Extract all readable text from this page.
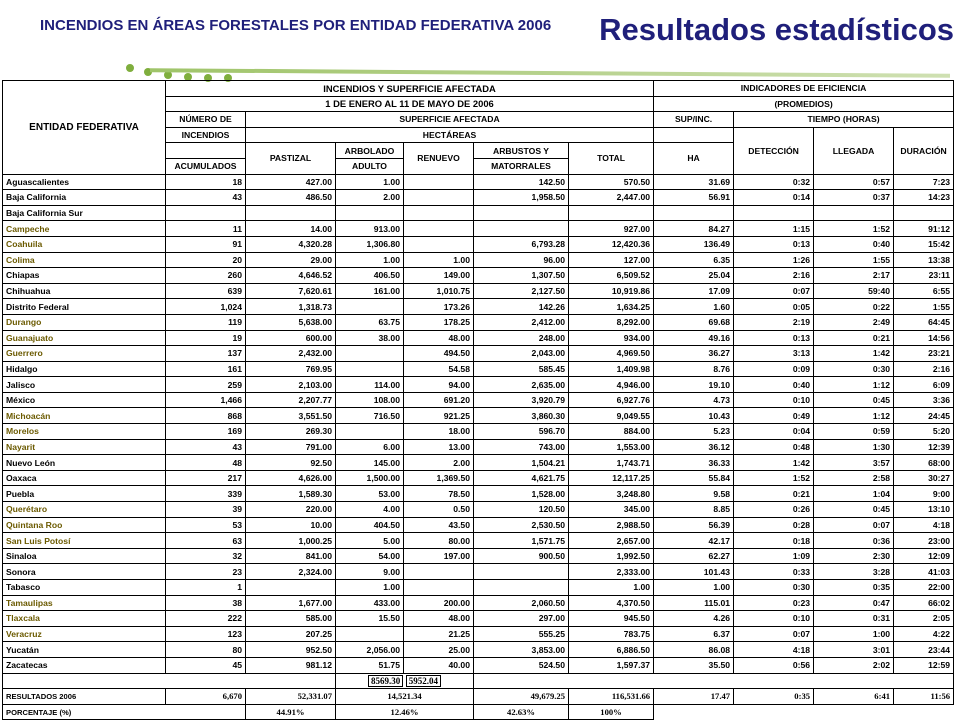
INCENDIOS EN ÁREAS FORESTALES POR ENTIDAD FEDERATIVA 2006 Resultados estadísticos
ENTIDAD FEDERATIVA	INCENDIOS Y SUPERFICIE AFECTADA						INDICADORES DE EFICIENCIA			
	1 DE ENERO AL 11 DE MAYO DE 2006						(PROMEDIOS)			
	NÚMERO DE	SUPERFICIE AFECTADA					SUP/INC.	TIEMPO (HORAS)		
	INCENDIOS	HECTÁREAS						DETECCIÓN	LLEGADA	DURACIÓN
		PASTIZAL	ARBOLADO	RENUEVO	ARBUSTOS Y	TOTAL	HA			
	ACUMULADOS		ADULTO		MATORRALES					
Aguascalientes	18	427.00	1.00		142.50	570.50	31.69	0:32	0:57	7:23
Baja California	43	486.50	2.00		1,958.50	2,447.00	56.91	0:14	0:37	14:23
Baja California Sur										
Campeche	11	14.00	913.00			927.00	84.27	1:15	1:52	91:12
Coahuila	91	4,320.28	1,306.80		6,793.28	12,420.36	136.49	0:13	0:40	15:42
Colima	20	29.00	1.00	1.00	96.00	127.00	6.35	1:26	1:55	13:38
Chiapas	260	4,646.52	406.50	149.00	1,307.50	6,509.52	25.04	2:16	2:17	23:11
Chihuahua	639	7,620.61	161.00	1,010.75	2,127.50	10,919.86	17.09	0:07	59:40	6:55
Distrito Federal	1,024	1,318.73		173.26	142.26	1,634.25	1.60	0:05	0:22	1:55
Durango	119	5,638.00	63.75	178.25	2,412.00	8,292.00	69.68	2:19	2:49	64:45
Guanajuato	19	600.00	38.00	48.00	248.00	934.00	49.16	0:13	0:21	14:56
Guerrero	137	2,432.00		494.50	2,043.00	4,969.50	36.27	3:13	1:42	23:21
Hidalgo	161	769.95		54.58	585.45	1,409.98	8.76	0:09	0:30	2:16
Jalisco	259	2,103.00	114.00	94.00	2,635.00	4,946.00	19.10	0:40	1:12	6:09
México	1,466	2,207.77	108.00	691.20	3,920.79	6,927.76	4.73	0:10	0:45	3:36
Michoacán	868	3,551.50	716.50	921.25	3,860.30	9,049.55	10.43	0:49	1:12	24:45
Morelos	169	269.30		18.00	596.70	884.00	5.23	0:04	0:59	5:20
Nayarit	43	791.00	6.00	13.00	743.00	1,553.00	36.12	0:48	1:30	12:39
Nuevo León	48	92.50	145.00	2.00	1,504.21	1,743.71	36.33	1:42	3:57	68:00
Oaxaca	217	4,626.00	1,500.00	1,369.50	4,621.75	12,117.25	55.84	1:52	2:58	30:27
Puebla	339	1,589.30	53.00	78.50	1,528.00	3,248.80	9.58	0:21	1:04	9:00
Querétaro	39	220.00	4.00	0.50	120.50	345.00	8.85	0:26	0:45	13:10
Quintana Roo	53	10.00	404.50	43.50	2,530.50	2,988.50	56.39	0:28	0:07	4:18
San Luis Potosí	63	1,000.25	5.00	80.00	1,571.75	2,657.00	42.17	0:18	0:36	23:00
Sinaloa	32	841.00	54.00	197.00	900.50	1,992.50	62.27	1:09	2:30	12:09
Sonora	23	2,324.00	9.00			2,333.00	101.43	0:33	3:28	41:03
Tabasco	1		1.00			1.00	1.00	0:30	0:35	22:00
Tamaulipas	38	1,677.00	433.00	200.00	2,060.50	4,370.50	115.01	0:23	0:47	66:02
Tlaxcala	222	585.00	15.50	48.00	297.00	945.50	4.26	0:10	0:31	2:05
Veracruz	123	207.25		21.25	555.25	783.75	6.37	0:07	1:00	4:22
Yucatán	80	952.50	2,056.00	25.00	3,853.00	6,886.50	86.08	4:18	3:01	23:44
Zacatecas	45	981.12	51.75	40.00	524.50	1,597.37	35.50	0:56	2:02	12:59
			8569.30 5952.04							
RESULTADOS 2006	6,670	52,331.07	14,521.34		49,679.25	116,531.66	17.47	0:35	6:41	11:56
PORCENTAJE (%)		44.91%	12.46%		42.63%	100%				
